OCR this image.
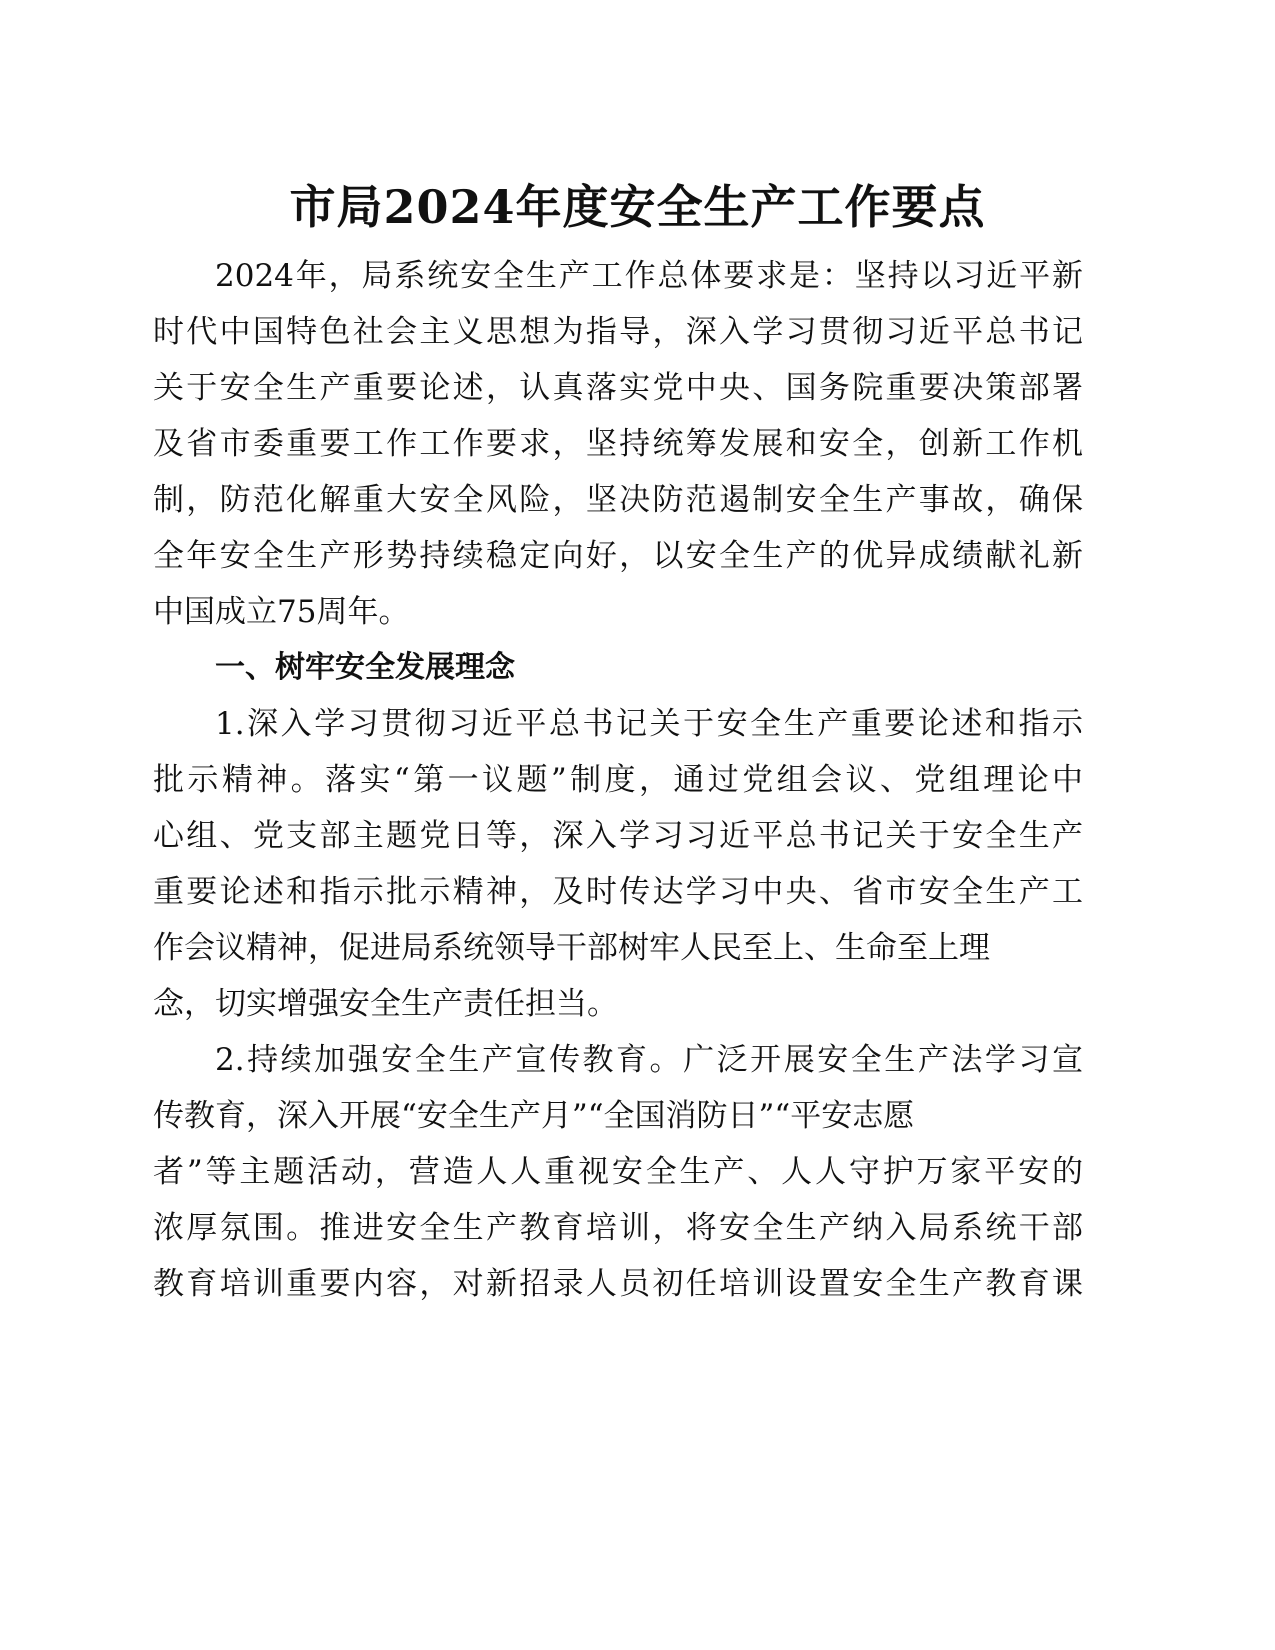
市局2024年度安全生产工作要点

2024年，局系统安全生产工作总体要求是：坚持以习近平新

时代中国特色社会主义思想为指导，深入学习贯彻习近平总书记

关于安全生产重要论述，认真落实党中央、国务院重要决策部署

及省市委重要工作工作要求，坚持统筹发展和安全，创新工作机

制，防范化解重大安全风险，坚决防范遏制安全生产事故，确保

全年安全生产形势持续稳定向好，以安全生产的优异成绩献礼新

中国成立75周年。

一、树牢安全发展理念

1.深入学习贯彻习近平总书记关于安全生产重要论述和指示

批示精神。落实“第一议题”制度，通过党组会议、党组理论中

心组、党支部主题党日等，深入学习习近平总书记关于安全生产

重要论述和指示批示精神，及时传达学习中央、省市安全生产工

作会议精神，促进局系统领导干部树牢人民至上、生命至上理

念，切实增强安全生产责任担当。

2.持续加强安全生产宣传教育。广泛开展安全生产法学习宣

传教育，深入开展“安全生产月”“全国消防日”“平安志愿

者”等主题活动，营造人人重视安全生产、人人守护万家平安的

浓厚氛围。推进安全生产教育培训，将安全生产纳入局系统干部

教育培训重要内容，对新招录人员初任培训设置安全生产教育课
